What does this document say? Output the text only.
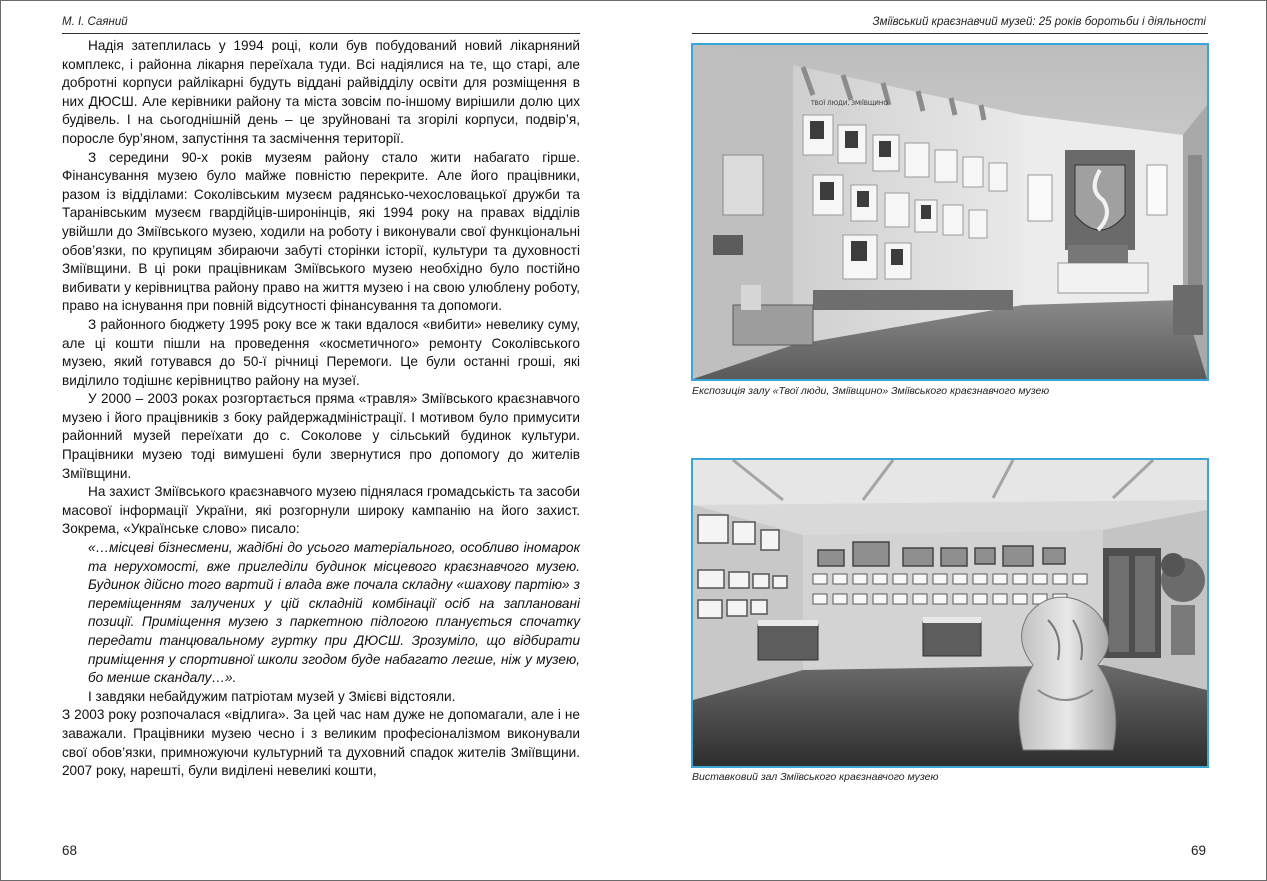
М. І. Саяний

Надія затеплилась у 1994 році, коли був побудований новий лікарняний комплекс, і районна лікарня переїхала туди. Всі надіялися на те, що старі, але добротні корпуси райлікарні будуть віддані райвідділу освіти для розміщення в них ДЮСШ. Але керівники району та міста зовсім по-іншому вирішили долю цих будівель. І на сьогоднішній день – це зруйновані та згорілі корпуси, подвір’я, поросле бур’яном, запустіння та засмічення території.

З середини 90-х років музеям району стало жити набагато гірше. Фінансування музею було майже повністю перекрите. Але його працівники, разом із відділами: Соколівським музеєм радянсько-чехословацької дружби та Таранівським музеєм гвардійців-широнінців, які 1994 року на правах відділів увійшли до Зміївського музею, ходили на роботу і виконували свої функціональні обов’язки, по крупицям збираючи забуті сторінки історії, культури та духовності Зміївщини. В ці роки працівникам Зміївського музею необхідно було постійно вибивати у керівництва району право на життя музею і на свою улюблену роботу, право на існування при повній відсутності фінансування та допомоги.

З районного бюджету 1995 року все ж таки вдалося «вибити» невелику суму, але ці кошти пішли на проведення «косметичного» ремонту Соколівського музею, який готувався до 50-ї річниці Перемоги. Це були останні гроші, які виділило тодішнє керівництво району на музеї.

У 2000 – 2003 роках розгортається пряма «травля» Зміївського краєзнавчого музею і його працівників з боку райдержадміністрації. І мотивом було примусити районний музей переїхати до с. Соколове у сільський будинок культури. Працівники музею тоді вимушені були звернутися про допомогу до жителів Зміївщини.

На захист Зміївського краєзнавчого музею піднялася громадськість та засоби масової інформації України, які розгорнули широку кампанію на його захист. Зокрема, «Українське слово» писало:

«…місцеві бізнесмени, жадібні до усього матеріального, особливо іномарок та нерухомості, вже пригледіли будинок місцевого краєзнавчого музею. Будинок дійсно того вартий і влада вже почала складну «шахову партію» з переміщенням залучених у цій складній комбінації осіб на заплановані позиції. Приміщення музею з паркетною підлогою планується спочатку передати танцювальному гуртку при ДЮСШ. Зрозуміло, що відбирати приміщення у спортивної школи згодом буде набагато легше, ніж у музею, бо менше скандалу…».

І завдяки небайдужим патріотам музей у Змієві відстояли.

З 2003 року розпочалася «відлига». За цей час нам дуже не допомагали, але і не заважали. Працівники музею чесно і з великим професіоналізмом виконували свої обов’язки, примножуючи культурний та духовний спадок жителів Зміївщини. 2007 року, нарешті, були виділені невеликі кошти,

68
Зміївський краєзнавчий музей: 25 років боротьби і діяльності
ТВОЇ ЛЮДИ, ЗМІЇВЩИНО
Експозиція залу «Твої люди, Зміївщино» Зміївського краєзнавчого музею
Виставковий зал Зміївського краєзнавчого музею
69
